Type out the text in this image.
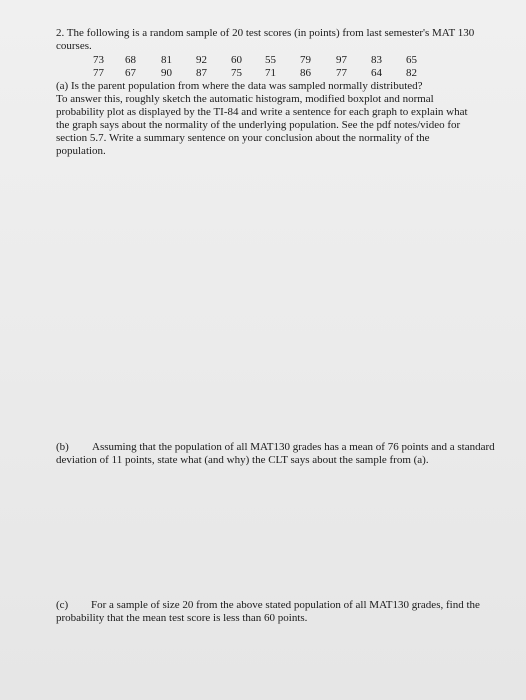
2. The following is a random sample of 20 test scores (in points) from last semester's MAT 130 courses.
73 68 81 92 60 55 79 97 83 65
77 67 90 87 75 71 86 77 64 82

(a) Is the parent population from where the data was sampled normally distributed?

To answer this, roughly sketch the automatic histogram, modified boxplot and normal probability plot as displayed by the TI-84 and write a sentence for each graph to explain what the graph says about the normality of the underlying population. See the pdf notes/video for section 5.7. Write a summary sentence on your conclusion about the normality of the population.

(b) Assuming that the population of all MAT130 grades has a mean of 76 points and a standard deviation of 11 points, state what (and why) the CLT says about the sample from (a).
(c) For a sample of size 20 from the above stated population of all MAT130 grades, find the probability that the mean test score is less than 60 points.
